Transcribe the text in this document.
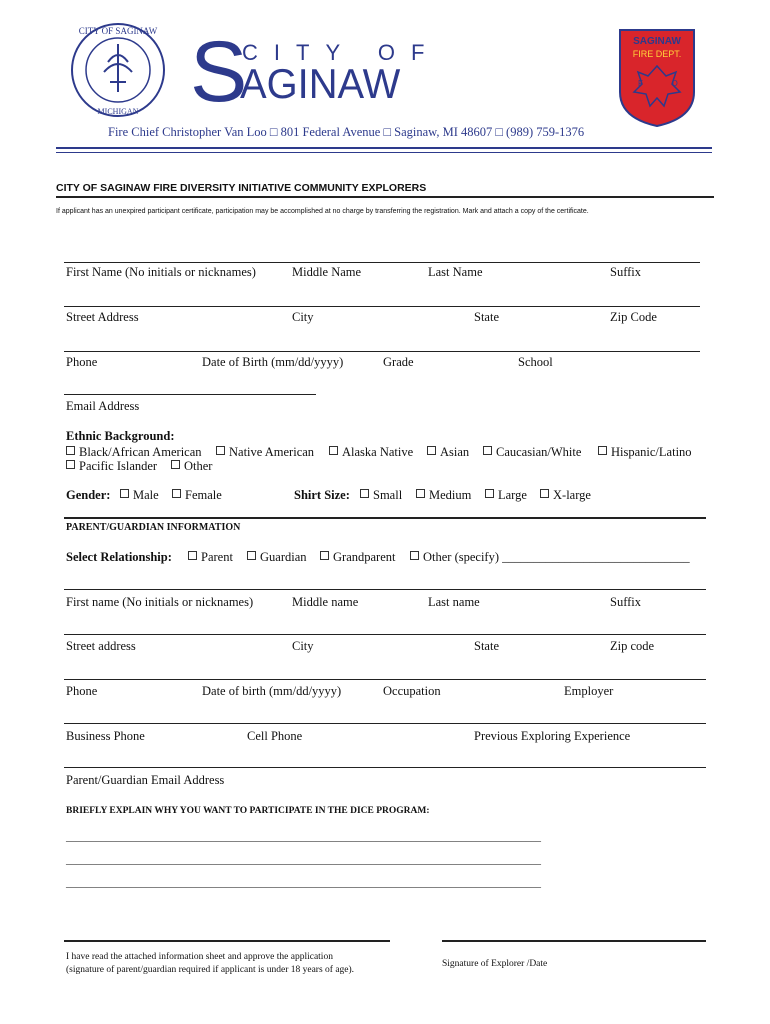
CITY OF SAGINAW
MICHIGAN S
CITY OF
AGINAW
SAGINAW
FIRE DEPT.
F	D
Fire Chief Christopher Van Loo □ 801 Federal Avenue □ Saginaw, MI 48607 □ (989) 759-1376
CITY OF SAGINAW FIRE DIVERSITY INITIATIVE COMMUNITY EXPLORERS
If applicant has an unexpired participant certificate, participation may be accomplished at no charge by transferring the registration. Mark and attach a copy of the certificate.
First Name (No initials or nicknames)	Middle Name	Last Name	Suffix
Street Address	City	State	Zip Code
Phone	Date of Birth (mm/dd/yyyy)	Grade	School
Email Address
Ethnic Background:
Black/African American	Native American	Alaska Native	Asian	Caucasian/White	Hispanic/Latino
Pacific Islander	Other
Gender:	Male	Female	Shirt Size:	Small	Medium	Large	X-large
PARENT/GUARDIAN INFORMATION
Select Relationship:	Parent	Guardian	Grandparent	Other (specify) ______________________________
First name (No initials or nicknames)	Middle name	Last name	Suffix
Street address	City	State	Zip code
Phone	Date of birth (mm/dd/yyyy)	Occupation	Employer
Business Phone	Cell Phone	Previous Exploring Experience
Parent/Guardian Email Address
BRIEFLY EXPLAIN WHY YOU WANT TO PARTICIPATE IN THE DICE PROGRAM:
_______________________________________________________________________________________________
_______________________________________________________________________________________________
_______________________________________________________________________________________________
I have read the attached information sheet and approve the application
(signature of parent/guardian required if applicant is under 18 years of age).
Signature of Explorer /Date
